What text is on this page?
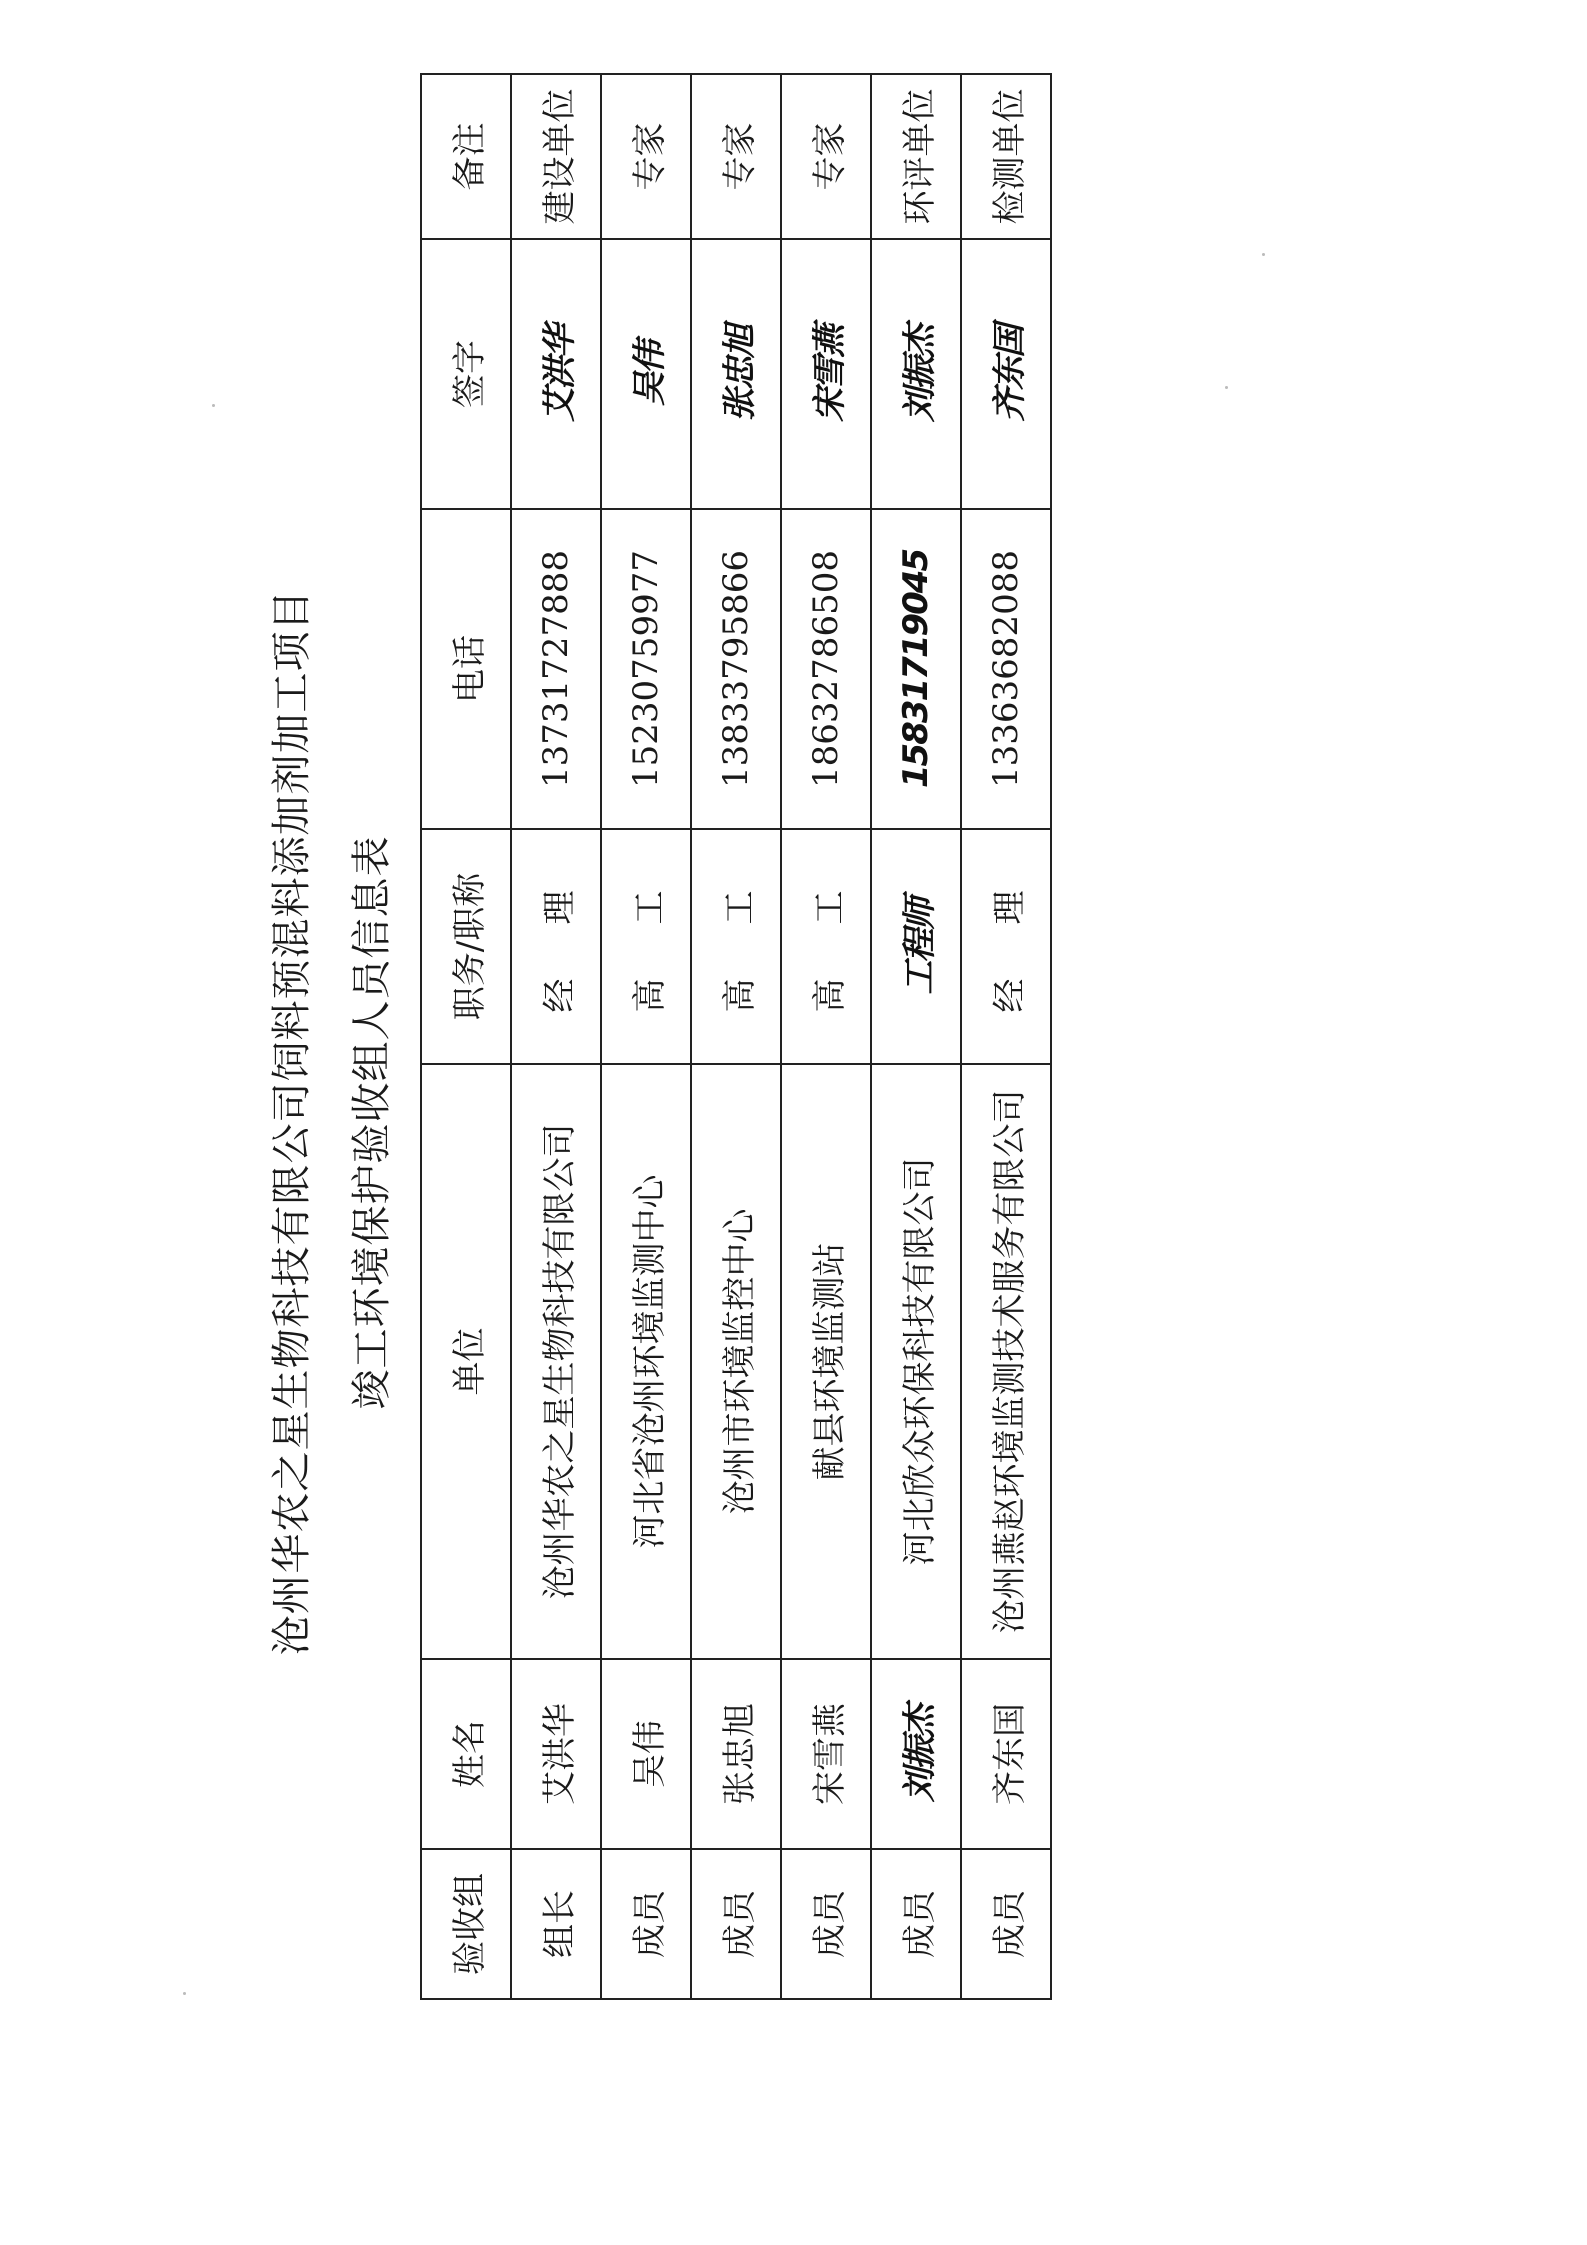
沧州华农之星生物科技有限公司饲料预混料添加剂加工项目 竣工环境保护验收组人员信息表
验收组	姓名	单位	职务/职称	电话	签字	备注
组长	艾洪华	沧州华农之星生物科技有限公司	经　理	13731727888	艾洪华	建设单位
成员	吴伟	河北省沧州环境监测中心	高　工	15230759977	吴伟	专家
成员	张忠旭	沧州市环境监控中心	高　工	13833795866	张忠旭	专家
成员	宋雪燕	献县环境监测站	高　工	18632786508	宋雪燕	专家
成员	刘振杰	河北欣众环保科技有限公司	工程师	15831719045	刘振杰	环评单位
成员	齐东国	沧州燕赵环境监测技术服务有限公司	经　理	13363682088	齐东国	检测单位
